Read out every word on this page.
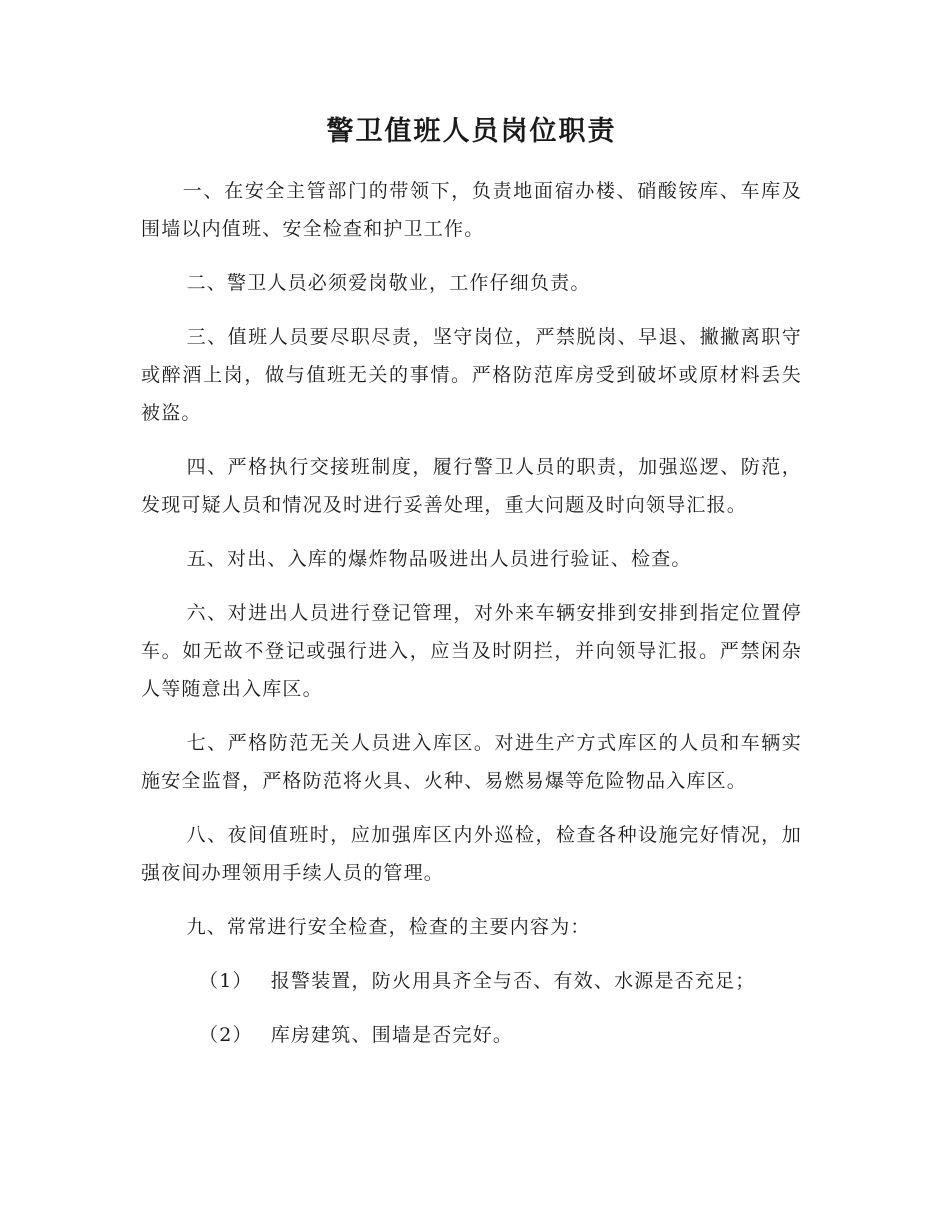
警卫值班人员岗位职责

一、在安全主管部门的带领下，负责地面宿办楼、硝酸铵库、车库及围墙以内值班、安全检查和护卫工作。

二、警卫人员必须爱岗敬业，工作仔细负责。

三、值班人员要尽职尽责，坚守岗位，严禁脱岗、早退、撇撇离职守或醉酒上岗，做与值班无关的事情。严格防范库房受到破坏或原材料丢失被盗。

四、严格执行交接班制度，履行警卫人员的职责，加强巡逻、防范，发现可疑人员和情况及时进行妥善处理，重大问题及时向领导汇报。

五、对出、入库的爆炸物品吸进出人员进行验证、检查。

六、对进出人员进行登记管理，对外来车辆安排到安排到指定位置停车。如无故不登记或强行进入，应当及时阴拦，并向领导汇报。严禁闲杂人等随意出入库区。

七、严格防范无关人员进入库区。对进生产方式库区的人员和车辆实施安全监督，严格防范将火具、火种、易燃易爆等危险物品入库区。

八、夜间值班时，应加强库区内外巡检，检查各种设施完好情况，加强夜间办理领用手续人员的管理。

九、常常进行安全检查，检查的主要内容为：

（1） 报警装置，防火用具齐全与否、有效、水源是否充足；
（2） 库房建筑、围墙是否完好。
